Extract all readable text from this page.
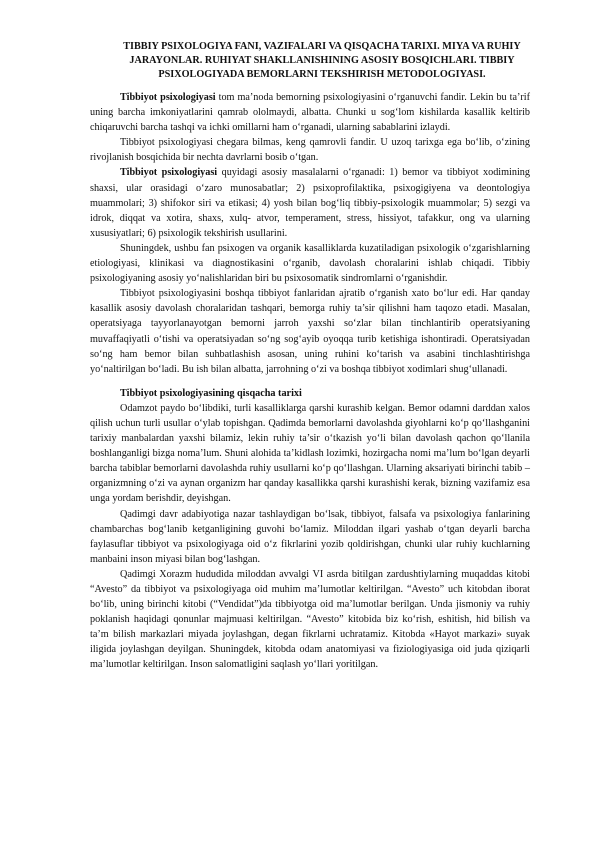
TIBBIY PSIXOLOGIYA FANI, VAZIFALARI VA QISQACHA TARIXI. MIYA VA RUHIY JARAYONLAR. RUHIYAT SHAKLLANISHINING ASOSIY BOSQICHLARI. TIBBIY PSIXOLOGIYADA BEMORLARNI TEKSHIRISH METODOLOGIYASI.

Tibbiyot psixologiyasi tom ma’noda bemorning psixologiyasini o‘rganuvchi fandir. Lekin bu ta’rif uning barcha imkoniyatlarini qamrab ololmaydi, albatta. Chunki u sog‘lom kishilarda kasallik keltirib chiqaruvchi barcha tashqi va ichki omillarni ham o‘rganadi, ularning sabablarini izlaydi.

Tibbiyot psixologiyasi chegara bilmas, keng qamrovli fandir. U uzoq tarixga ega bo‘lib, o‘zining rivojlanish bosqichida bir nechta davrlarni bosib o‘tgan.

Tibbiyot psixologiyasi quyidagi asosiy masalalarni o‘rganadi: 1) bemor va tibbiyot xodimining shaxsi, ular orasidagi o‘zaro munosabatlar; 2) psixoprofilaktika, psixogigiyena va deontologiya muammolari; 3) shifokor siri va etikasi; 4) yosh bilan bog‘liq tibbiy-psixologik muammolar; 5) sezgi va idrok, diqqat va xotira, shaxs, xulq- atvor, temperament, stress, hissiyot, tafakkur, ong va ularning xususiyatlari; 6) psixologik tekshirish usullarini.

Shuningdek, ushbu fan psixogen va organik kasalliklarda kuzatiladigan psixologik o‘zgarishlarning etiologiyasi, klinikasi va diagnostikasini o‘rganib, davolash choralarini ishlab chiqadi. Tibbiy psixologiyaning asosiy yo‘nalishlaridan biri bu psixosomatik sindromlarni o‘rganishdir.

Tibbiyot psixologiyasini boshqa tibbiyot fanlaridan ajratib o‘rganish xato bo‘lur edi. Har qanday kasallik asosiy davolash choralaridan tashqari, bemorga ruhiy ta’sir qilishni ham taqozo etadi. Masalan, operatsiyaga tayyorlanayotgan bemorni jarroh yaxshi so‘zlar bilan tinchlantirib operatsiyaning muvaffaqiyatli o‘tishi va operatsiyadan so‘ng sog‘ayib oyoqqa turib ketishiga ishontiradi. Operatsiyadan so‘ng ham bemor bilan suhbatlashish asosan, uning ruhini ko‘tarish va asabini tinchlashtirishga yo‘naltirilgan bo‘ladi. Bu ish bilan albatta, jarrohning o‘zi va boshqa tibbiyot xodimlari shug‘ullanadi.

Tibbiyot psixologiyasining qisqacha tarixi

Odamzot paydo bo‘libdiki, turli kasalliklarga qarshi kurashib kelgan. Bemor odamni darddan xalos qilish uchun turli usullar o‘ylab topishgan. Qadimda bemorlarni davolashda giyohlarni ko‘p qo‘llashganini tarixiy manbalardan yaxshi bilamiz, lekin ruhiy ta’sir o‘tkazish yo‘li bilan davolash qachon qo‘llanila boshlanganligi bizga noma’lum. Shuni alohida ta’kidlash lozimki, hozirgacha nomi ma’lum bo‘lgan deyarli barcha tabiblar bemorlarni davolashda ruhiy usullarni ko‘p qo‘llashgan. Ularning aksariyati birinchi tabib – organizmning o‘zi va aynan organizm har qanday kasallikka qarshi kurashishi kerak, bizning vazifamiz esa unga yordam berishdir, deyishgan.

Qadimgi davr adabiyotiga nazar tashlaydigan bo‘lsak, tibbiyot, falsafa va psixologiya fanlarining chambarchas bog‘lanib ketganligining guvohi bo‘lamiz. Miloddan ilgari yashab o‘tgan deyarli barcha faylasuflar tibbiyot va psixologiyaga oid o‘z fikrlarini yozib qoldirishgan, chunki ular ruhiy kuchlarning manbaini inson miyasi bilan bog‘lashgan.

Qadimgi Xorazm hududida miloddan avvalgi VI asrda bitilgan zardushtiylarning muqaddas kitobi “Avesto” da tibbiyot va psixologiyaga oid muhim ma’lumotlar keltirilgan. “Avesto” uch kitobdan iborat bo‘lib, uning birinchi kitobi (“Vendidat”)da tibbiyotga oid ma’lumotlar berilgan. Unda jismoniy va ruhiy poklanish haqidagi qonunlar majmuasi keltirilgan. “Avesto” kitobida biz ko‘rish, eshitish, hid bilish va ta’m bilish markazlari miyada joylashgan, degan fikrlarni uchratamiz. Kitobda «Hayot markazi» suyak iligida joylashgan deyilgan. Shuningdek, kitobda odam anatomiyasi va fiziologiyasiga oid juda qiziqarli ma’lumotlar keltirilgan. Inson salomatligini saqlash yo‘llari yoritilgan.
